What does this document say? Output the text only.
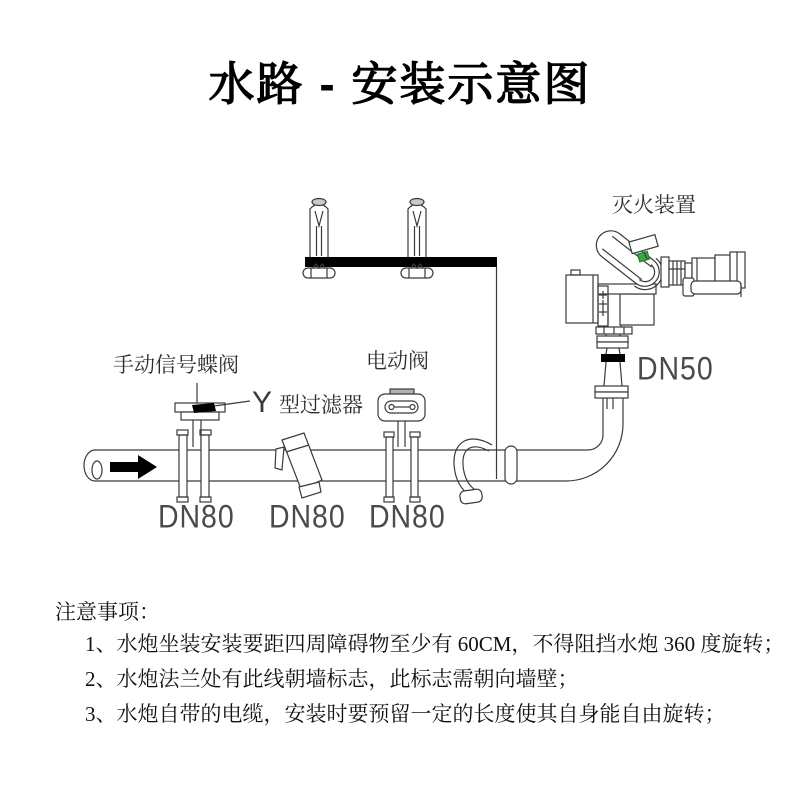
水路 - 安装示意图
灭火装置
手动信号蝶阀	电动阀
Y 型过滤器
DN50
DN80 DN80 DN80
注意事项：
1、水炮坐装安装要距四周障碍物至少有 60CM，不得阻挡水炮 360 度旋转；
2、水炮法兰处有此线朝墙标志，此标志需朝向墙壁；
3、水炮自带的电缆，安装时要预留一定的长度使其自身能自由旋转；
